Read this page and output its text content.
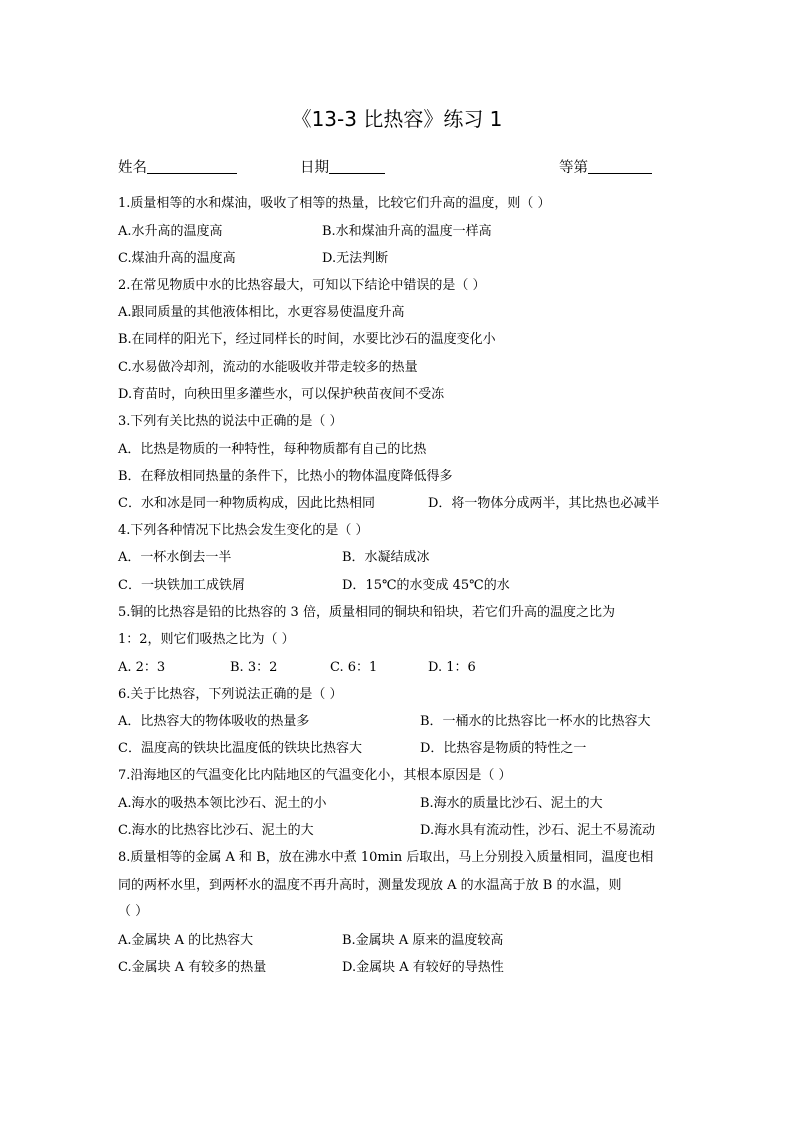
《13-3 比热容》练习 1
姓名	日期	等第
1.质量相等的水和煤油，吸收了相等的热量，比较它们升高的温度，则（ ）
A.水升高的温度高	B.水和煤油升高的温度一样高
C.煤油升高的温度高	D.无法判断
2.在常见物质中水的比热容最大，可知以下结论中错误的是（ ）
A.跟同质量的其他液体相比，水更容易使温度升高
B.在同样的阳光下，经过同样长的时间，水要比沙石的温度变化小
C.水易做冷却剂，流动的水能吸收并带走较多的热量
D.育苗时，向秧田里多灌些水，可以保护秧苗夜间不受冻
3.下列有关比热的说法中正确的是（ ）
A．比热是物质的一种特性，每种物质都有自己的比热
B．在释放相同热量的条件下，比热小的物体温度降低得多
C．水和冰是同一种物质构成，因此比热相同	D．将一物体分成两半，其比热也必减半
4.下列各种情况下比热会发生变化的是（ ）
A．一杯水倒去一半	B．水凝结成冰
C．一块铁加工成铁屑	D．15℃的水变成 45℃的水
5.铜的比热容是铅的比热容的 3 倍，质量相同的铜块和铅块，若它们升高的温度之比为
1：2，则它们吸热之比为（ ）
A. 2：3	B. 3：2	C. 6：1	D. 1：6
6.关于比热容，下列说法正确的是（ ）
A．比热容大的物体吸收的热量多	B．一桶水的比热容比一杯水的比热容大
C．温度高的铁块比温度低的铁块比热容大	D．比热容是物质的特性之一
7.沿海地区的气温变化比内陆地区的气温变化小，其根本原因是（ ）
A.海水的吸热本领比沙石、泥土的小	B.海水的质量比沙石、泥土的大
C.海水的比热容比沙石、泥土的大	D.海水具有流动性，沙石、泥土不易流动
8.质量相等的金属 A 和 B，放在沸水中煮 10min 后取出，马上分别投入质量相同，温度也相
同的两杯水里，到两杯水的温度不再升高时，测量发现放 A 的水温高于放 B 的水温，则
（ ）
A.金属块 A 的比热容大	B.金属块 A 原来的温度较高
C.金属块 A 有较多的热量	D.金属块 A 有较好的导热性
